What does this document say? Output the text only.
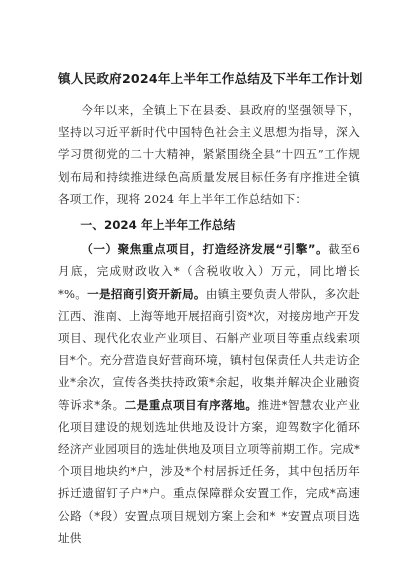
镇人民政府2024年上半年工作总结及下半年工作计划

今年以来，全镇上下在县委、县政府的坚强领导下，坚持以习近平新时代中国特色社会主义思想为指导，深入学习贯彻党的二十大精神，紧紧围绕全县“十四五”工作规划布局和持续推进绿色高质量发展目标任务有序推进全镇各项工作，现将 2024 年上半年工作总结如下：

一、2024 年上半年工作总结

（一）聚焦重点项目，打造经济发展“引擎”。截至6月底，完成财政收入*（含税收收入）万元，同比增长*%。一是招商引资开新局。由镇主要负责人带队，多次赴江西、淮南、上海等地开展招商引资*次，对接房地产开发项目、现代化农业产业项目、石斛产业项目等重点线索项目*个。充分营造良好营商环境，镇村包保责任人共走访企业*余次，宣传各类扶持政策*余起，收集并解决企业融资等诉求*条。二是重点项目有序落地。推进*智慧农业产业化项目建设的规划选址供地及设计方案，迎驾数字化循环经济产业园项目的选址供地及项目立项等前期工作。完成*个项目地块约*户，涉及*个村居拆迁任务，其中包括历年拆迁遗留钉子户*户。重点保障群众安置工作，完成*高速公路（*段）安置点项目规划方案上会和* *安置点项目选址供
